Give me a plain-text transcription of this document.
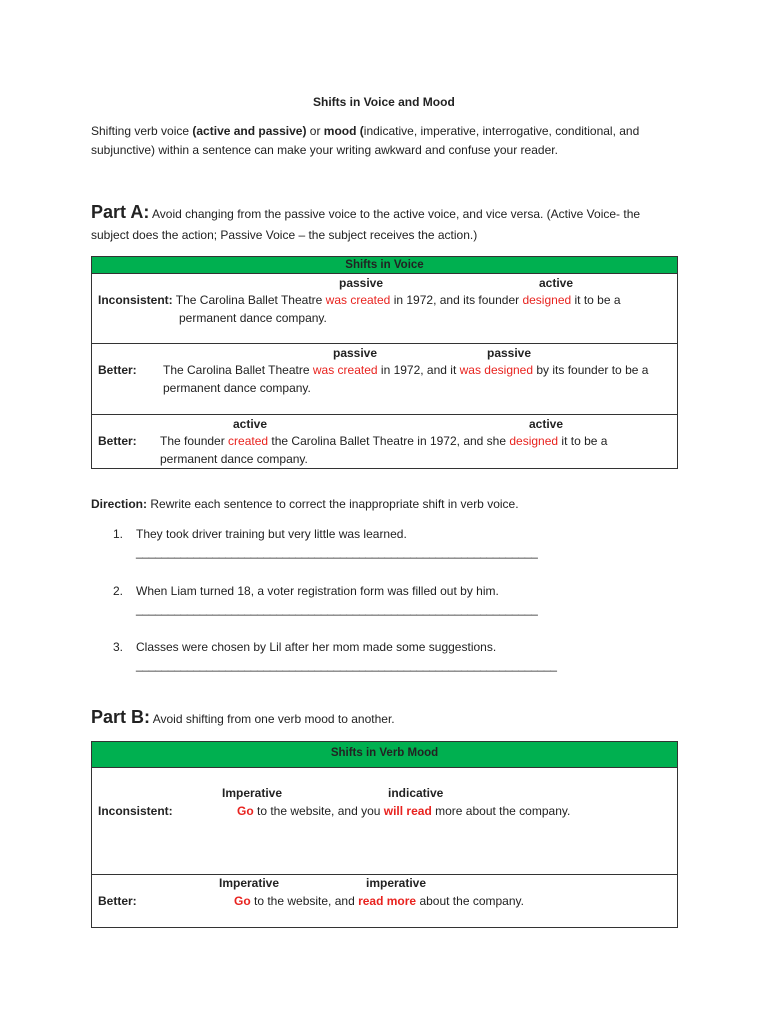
Shifts in Voice and Mood
Shifting verb voice (active and passive) or mood (indicative, imperative, interrogative, conditional, and
subjunctive) within a sentence can make your writing awkward and confuse your reader.
Part A: Avoid changing from the passive voice to the active voice, and vice versa. (Active Voice- the
subject does the action; Passive Voice – the subject receives the action.)
Shifts in Voice
passive	active
Inconsistent: The Carolina Ballet Theatre was created in 1972, and its founder designed it to be a
permanent dance company.
passive	passive
Better: The Carolina Ballet Theatre was created in 1972, and it was designed by its founder to be a
permanent dance company.
active	active
Better: The founder created the Carolina Ballet Theatre in 1972, and she designed it to be a
permanent dance company.
Direction: Rewrite each sentence to correct the inappropriate shift in verb voice.
1. They took driver training but very little was learned.
_______________________________________________________________
2. When Liam turned 18, a voter registration form was filled out by him.
_______________________________________________________________
3. Classes were chosen by Lil after her mom made some suggestions.
__________________________________________________________________
Part B: Avoid shifting from one verb mood to another.
Shifts in Verb Mood
Imperative	indicative
Inconsistent:	Go to the website, and you will read more about the company.
Imperative	imperative
Better:	Go to the website, and read more about the company.
